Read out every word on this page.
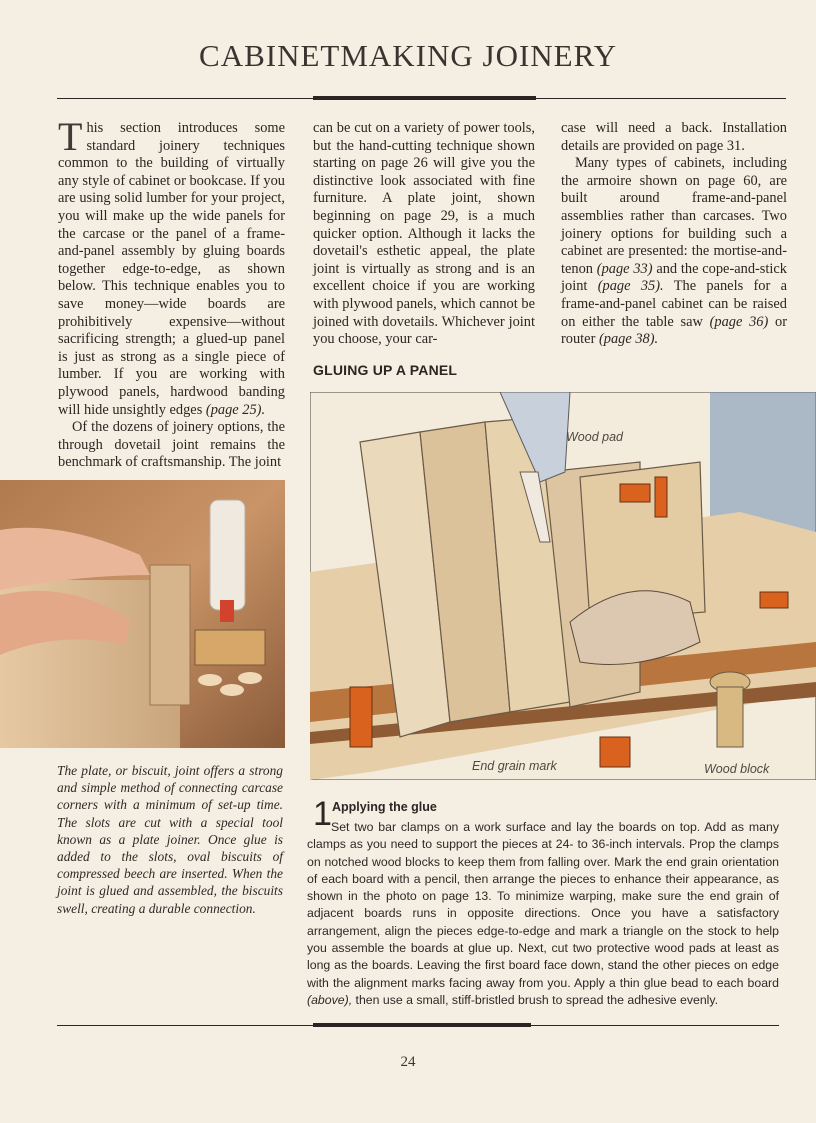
CABINETMAKING JOINERY

This section introduces some standard joinery techniques common to the building of virtually any style of cabinet or bookcase. If you are using solid lumber for your project, you will make up the wide panels for the carcase or the panel of a frame-and-panel assembly by gluing boards together edge-to-edge, as shown below. This technique enables you to save money—wide boards are prohibitively expensive—without sacrificing strength; a glued-up panel is just as strong as a single piece of lumber. If you are working with plywood panels, hardwood banding will hide unsightly edges (page 25).

Of the dozens of joinery options, the through dovetail joint remains the benchmark of craftsmanship. The joint

can be cut on a variety of power tools, but the hand-cutting technique shown starting on page 26 will give you the distinctive look associated with fine furniture. A plate joint, shown beginning on page 29, is a much quicker option. Although it lacks the dovetail's esthetic appeal, the plate joint is virtually as strong and is an excellent choice if you are working with plywood panels, which cannot be joined with dovetails. Whichever joint you choose, your car-

case will need a back. Installation details are provided on page 31.

Many types of cabinets, including the armoire shown on page 60, are built around frame-and-panel assemblies rather than carcases. Two joinery options for building such a cabinet are presented: the mortise-and-tenon (page 33) and the cope-and-stick joint (page 35). The panels for a frame-and-panel cabinet can be raised on either the table saw (page 36) or router (page 38).

The plate, or biscuit, joint offers a strong and simple method of connecting carcase corners with a minimum of set-up time. The slots are cut with a special tool known as a plate joiner. Once glue is added to the slots, oval biscuits of compressed beech are inserted. When the joint is glued and assembled, the biscuits swell, creating a durable connection.
GLUING UP A PANEL
Wood pad
End grain mark	Wood block
1 Applying the glue
Set two bar clamps on a work surface and lay the boards on top. Add as many clamps as you need to support the pieces at 24- to 36-inch intervals. Prop the clamps on notched wood blocks to keep them from falling over. Mark the end grain orientation of each board with a pencil, then arrange the pieces to enhance their appearance, as shown in the photo on page 13. To minimize warping, make sure the end grain of adjacent boards runs in opposite directions. Once you have a satisfactory arrangement, align the pieces edge-to-edge and mark a triangle on the stock to help you assemble the boards at glue up. Next, cut two protective wood pads at least as long as the boards. Leaving the first board face down, stand the other pieces on edge with the alignment marks facing away from you. Apply a thin glue bead to each board (above), then use a small, stiff-bristled brush to spread the adhesive evenly.
24
